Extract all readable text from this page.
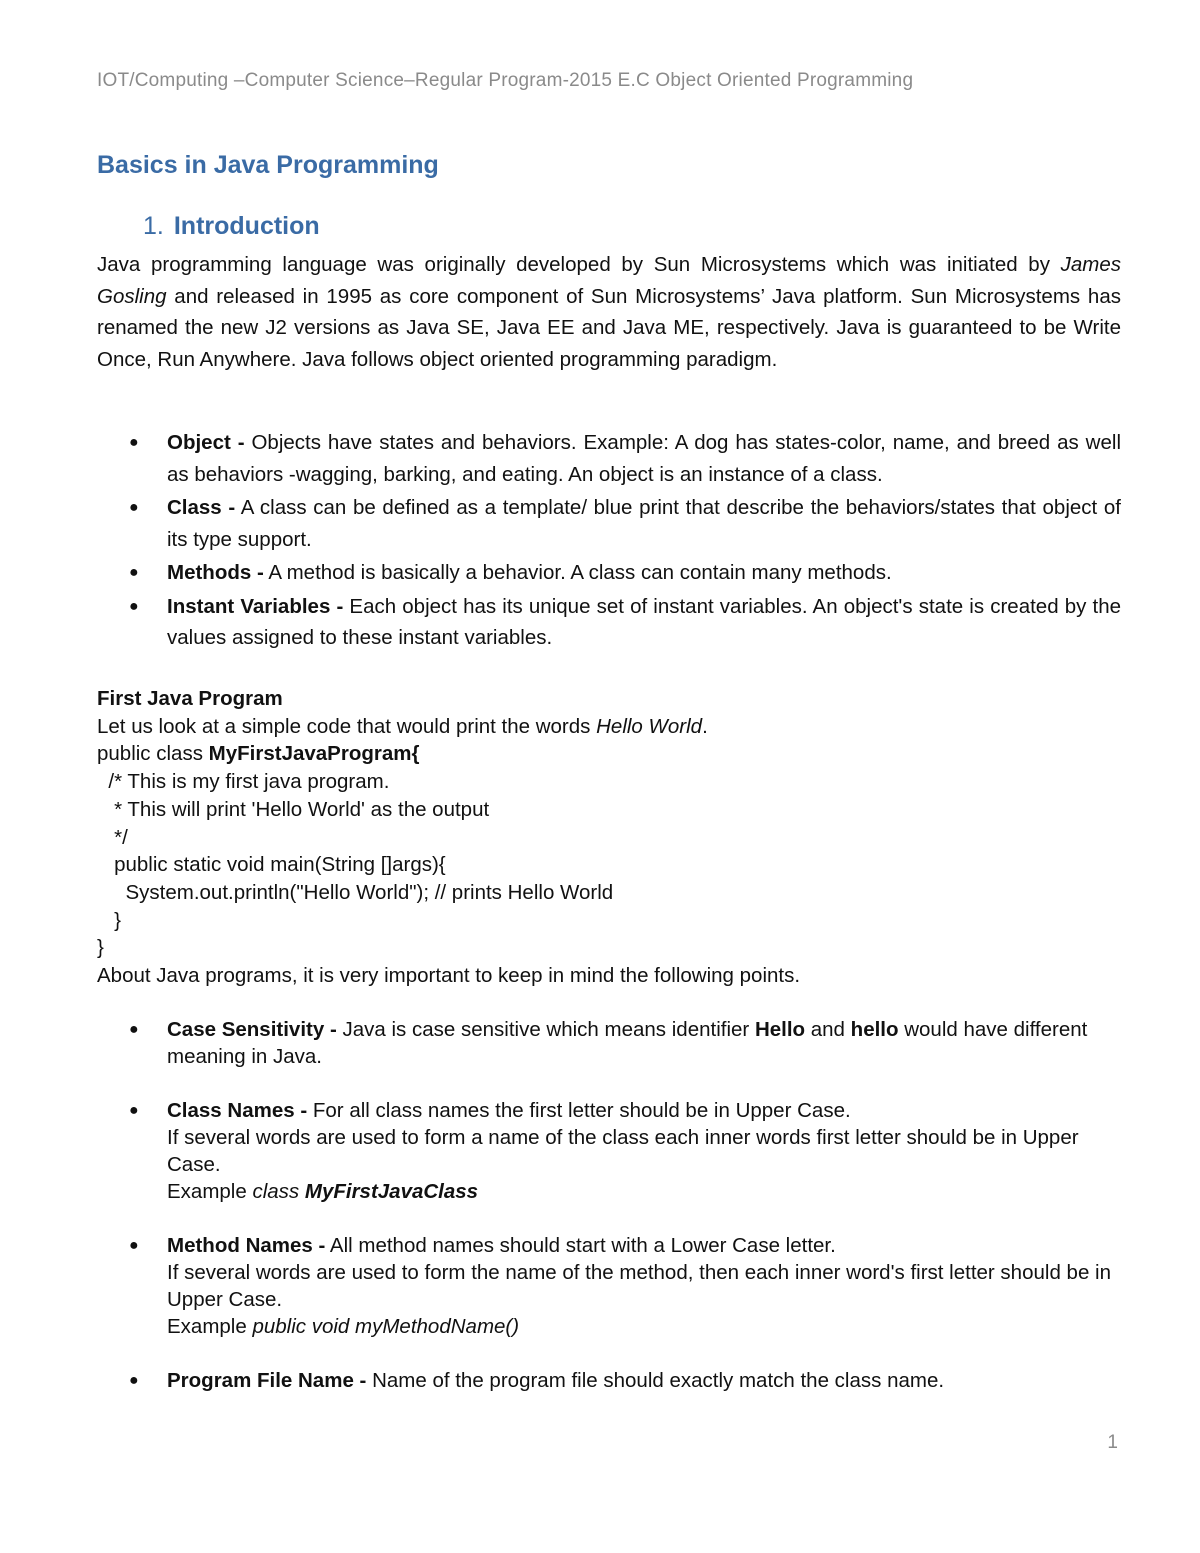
IOT/Computing –Computer Science–Regular Program-2015 E.C Object Oriented Programming
Basics in Java Programming
1. Introduction

Java programming language was originally developed by Sun Microsystems which was initiated by James Gosling and released in 1995 as core component of Sun Microsystems’ Java platform. Sun Microsystems has renamed the new J2 versions as Java SE, Java EE and Java ME, respectively. Java is guaranteed to be Write Once, Run Anywhere. Java follows object oriented programming paradigm.

● Object - Objects have states and behaviors. Example: A dog has states-color, name, and breed as well as behaviors -wagging, barking, and eating. An object is an instance of a class.
● Class - A class can be defined as a template/ blue print that describe the behaviors/states that object of its type support.
● Methods - A method is basically a behavior. A class can contain many methods.
● Instant Variables - Each object has its unique set of instant variables. An object's state is created by the values assigned to these instant variables.
First Java Program
Let us look at a simple code that would print the words Hello World.
public class MyFirstJavaProgram{
/* This is my first java program.
* This will print 'Hello World' as the output
*/
public static void main(String []args){
System.out.println("Hello World"); // prints Hello World
}
}
About Java programs, it is very important to keep in mind the following points.
● Case Sensitivity - Java is case sensitive which means identifier Hello and hello would have different meaning in Java.
● Class Names - For all class names the first letter should be in Upper Case.
If several words are used to form a name of the class each inner words first letter should be in Upper Case.
Example class MyFirstJavaClass
● Method Names - All method names should start with a Lower Case letter.
If several words are used to form the name of the method, then each inner word's first letter should be in Upper Case.
Example public void myMethodName()
● Program File Name - Name of the program file should exactly match the class name.
1
